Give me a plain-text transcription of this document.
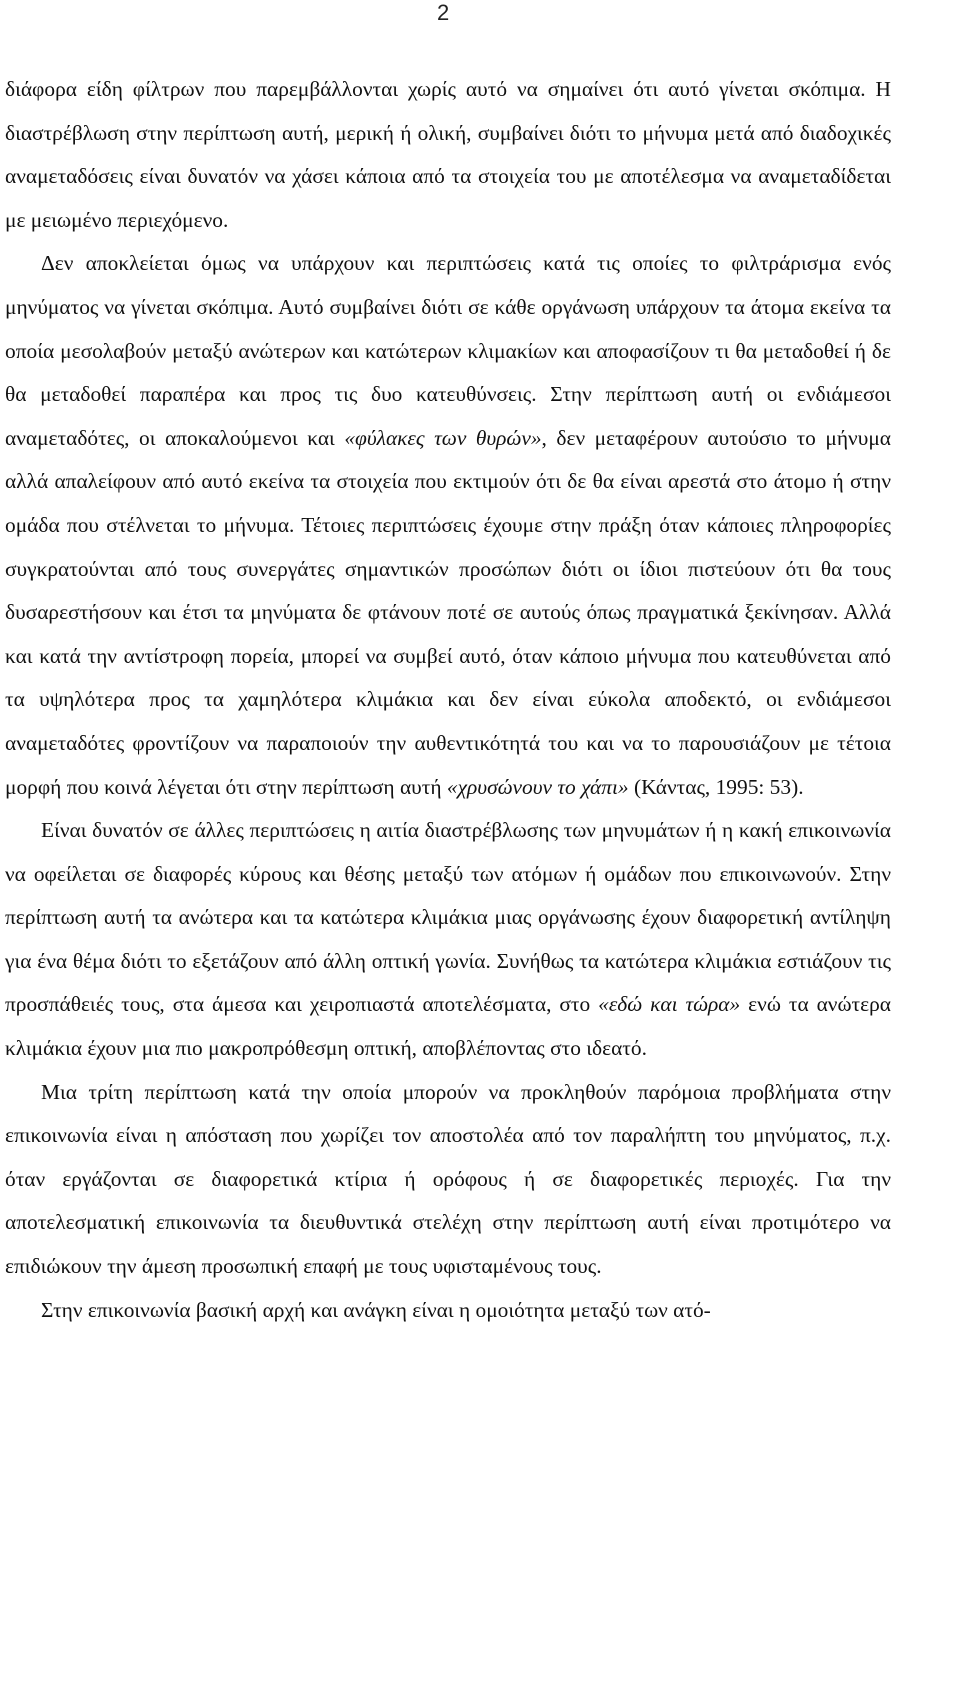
2

διάφορα είδη φίλτρων που παρεμβάλλονται χωρίς αυτό να σημαίνει ότι αυτό γίνεται σκόπιμα. Η διαστρέβλωση στην περίπτωση αυτή, μερική ή ολική, συμβαίνει διότι το μήνυμα μετά από διαδοχικές αναμεταδόσεις είναι δυνατόν να χάσει κάποια από τα στοιχεία του με αποτέλεσμα να αναμεταδίδεται με μειωμένο περιεχόμενο.

Δεν αποκλείεται όμως να υπάρχουν και περιπτώσεις κατά τις οποίες το φιλτράρισμα ενός μηνύματος να γίνεται σκόπιμα. Αυτό συμβαίνει διότι σε κάθε οργάνωση υπάρχουν τα άτομα εκείνα τα οποία μεσολαβούν μεταξύ ανώτερων και κατώτερων κλιμακίων και αποφασίζουν τι θα μεταδοθεί ή δε θα μεταδοθεί παραπέρα και προς τις δυο κατευθύνσεις. Στην περίπτωση αυτή οι ενδιάμεσοι αναμεταδότες, οι αποκαλούμενοι και «φύλακες των θυρών», δεν μεταφέρουν αυτούσιο το μήνυμα αλλά απαλείφουν από αυτό εκείνα τα στοιχεία που εκτιμούν ότι δε θα είναι αρεστά στο άτομο ή στην ομάδα που στέλνεται το μήνυμα. Τέτοιες περιπτώσεις έχουμε στην πράξη όταν κάποιες πληροφορίες συγκρατούνται από τους συνεργάτες σημαντικών προσώπων διότι οι ίδιοι πιστεύουν ότι θα τους δυσαρεστήσουν και έτσι τα μηνύματα δε φτάνουν ποτέ σε αυτούς όπως πραγματικά ξεκίνησαν. Αλλά και κατά την αντίστροφη πορεία, μπορεί να συμβεί αυτό, όταν κάποιο μήνυμα που κατευθύνεται από τα υψηλότερα προς τα χαμηλότερα κλιμάκια και δεν είναι εύκολα αποδεκτό, οι ενδιάμεσοι αναμεταδότες φροντίζουν να παραποιούν την αυθεντικότητά του και να το παρουσιάζουν με τέτοια μορφή που κοινά λέγεται ότι στην περίπτωση αυτή «χρυσώνουν το χάπι» (Κάντας, 1995: 53).

Είναι δυνατόν σε άλλες περιπτώσεις η αιτία διαστρέβλωσης των μηνυμάτων ή η κακή επικοινωνία να οφείλεται σε διαφορές κύρους και θέσης μεταξύ των ατόμων ή ομάδων που επικοινωνούν. Στην περίπτωση αυτή τα ανώτερα και τα κατώτερα κλιμάκια μιας οργάνωσης έχουν διαφορετική αντίληψη για ένα θέμα διότι το εξετάζουν από άλλη οπτική γωνία. Συνήθως τα κατώτερα κλιμάκια εστιάζουν τις προσπάθειές τους, στα άμεσα και χειροπιαστά αποτελέσματα, στο «εδώ και τώρα» ενώ τα ανώτερα κλιμάκια έχουν μια πιο μακροπρόθεσμη οπτική, αποβλέποντας στο ιδεατό.

Μια τρίτη περίπτωση κατά την οποία μπορούν να προκληθούν παρόμοια προβλήματα στην επικοινωνία είναι η απόσταση που χωρίζει τον αποστολέα από τον παραλήπτη του μηνύματος, π.χ. όταν εργάζονται σε διαφορετικά κτίρια ή ορόφους ή σε διαφορετικές περιοχές. Για την αποτελεσματική επικοινωνία τα διευθυντικά στελέχη στην περίπτωση αυτή είναι προτιμότερο να επιδιώκουν την άμεση προσωπική επαφή με τους υφισταμένους τους.

Στην επικοινωνία βασική αρχή και ανάγκη είναι η ομοιότητα μεταξύ των ατό-
